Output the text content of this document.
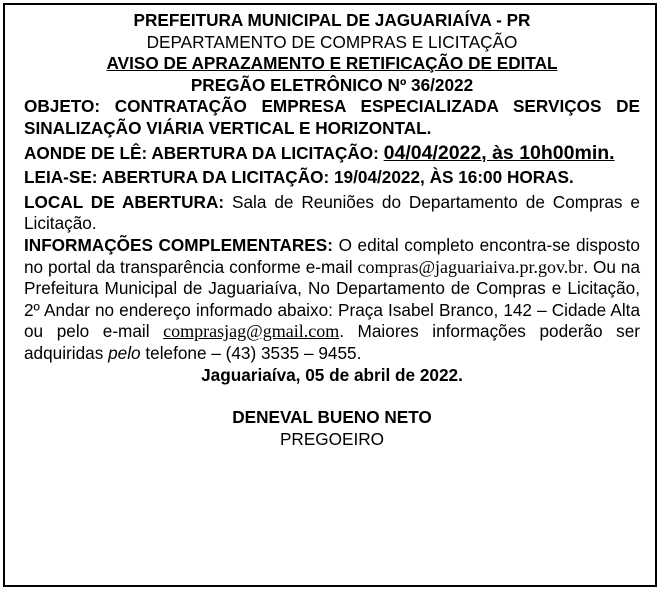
PREFEITURA MUNICIPAL DE JAGUARIAÍVA - PR
DEPARTAMENTO DE COMPRAS E LICITAÇÃO
AVISO DE APRAZAMENTO E RETIFICAÇÃO DE EDITAL
PREGÃO ELETRÔNICO Nº 36/2022
OBJETO: CONTRATAÇÃO EMPRESA ESPECIALIZADA SERVIÇOS DE SINALIZAÇÃO VIÁRIA VERTICAL E HORIZONTAL.
AONDE DE LÊ: ABERTURA DA LICITAÇÃO: 04/04/2022, às 10h00min.
LEIA-SE: ABERTURA DA LICITAÇÃO: 19/04/2022, ÀS 16:00 HORAS.
LOCAL DE ABERTURA: Sala de Reuniões do Departamento de Compras e Licitação.
INFORMAÇÕES COMPLEMENTARES: O edital completo encontra-se disposto no portal da transparência conforme e-mail compras@jaguariaiva.pr.gov.br. Ou na Prefeitura Municipal de Jaguariaíva, No Departamento de Compras e Licitação, 2º Andar no endereço informado abaixo: Praça Isabel Branco, 142 – Cidade Alta ou pelo e-mail comprasjag@gmail.com. Maiores informações poderão ser adquiridas pelo telefone – (43) 3535 – 9455.
Jaguariaíva, 05 de abril de 2022.
DENEVAL BUENO NETO
PREGOEIRO
